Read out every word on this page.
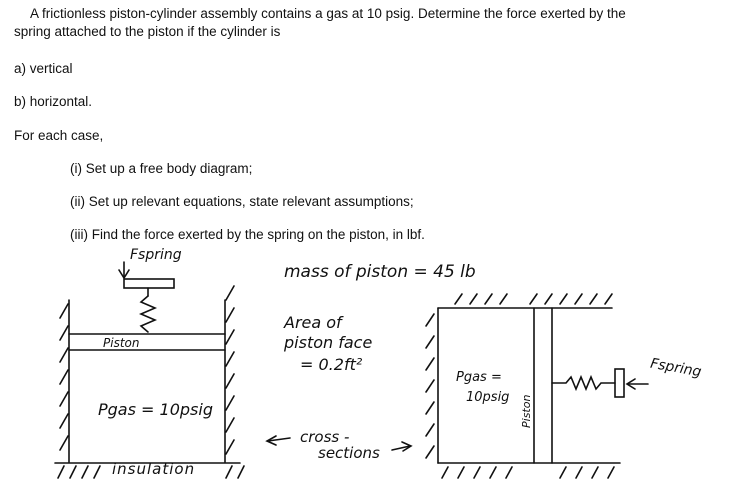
A frictionless piston-cylinder assembly contains a gas at 10 psig. Determine the force exerted by the
spring attached to the piston if the cylinder is
a) vertical
b) horizontal.
For each case,
(i) Set up a free body diagram;
(ii) Set up relevant equations, state relevant assumptions;
(iii) Find the force exerted by the spring on the piston, in lbf.
Fspring
Piston
Pgas = 10psig
insulation
mass of piston = 45 lb
Area of
piston face
= 0.2ft²
cross -
sections
Pgas =
10psig Piston
Fspring
